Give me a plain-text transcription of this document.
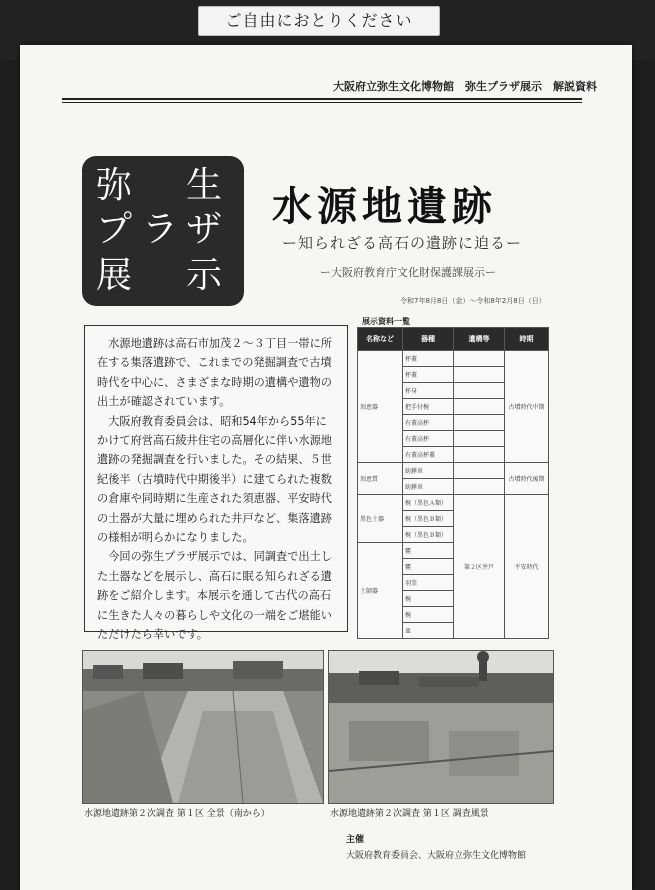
ご自由におとりください
大阪府立弥生文化博物館　弥生プラザ展示　解説資料
弥 生
プ ラ ザ
展 示
水源地遺跡
ー知られざる高石の遺跡に迫るー
ー大阪府教育庁文化財保護課展示ー
令和7年8月8日（金）〜令和8年2月8日（日）

水源地遺跡は高石市加茂２〜３丁目一帯に所在する集落遺跡で、これまでの発掘調査で古墳時代を中心に、さまざまな時期の遺構や遺物の出土が確認されています。

大阪府教育委員会は、昭和54年から55年にかけて府営高石綾井住宅の高層化に伴い水源地遺跡の発掘調査を行いました。その結果、５世紀後半（古墳時代中期後半）に建てられた複数の倉庫や同時期に生産された須恵器、平安時代の土器が大量に埋められた井戸など、集落遺跡の様相が明らかになりました。

今回の弥生プラザ展示では、同調査で出土した土器などを展示し、高石に眠る知られざる遺跡をご紹介します。本展示を通して古代の高石に生きた人々の暮らしや文化の一端をご堪能いただけたら幸いです。

展示資料一覧
名称など	器種	遺構等	時期
須恵器	杯蓋		古墳時代中期
	杯蓋		
	杯身		
	把手付椀		
	有蓋高杯		
	有蓋高杯		
	有蓋高杯蓋		
須恵質	紡錘車		古墳時代後期
	紡錘車		
黒色土器	椀（黒色Ａ類）	第２区井戸	平安時代
	椀（黒色Ｂ類）		
	椀（黒色Ｂ類）		
土師器	甕		
	甕		
	羽釜		
	椀		
	椀		
	皿		
水源地遺跡第２次調査 第１区 全景（南から）	水源地遺跡第２次調査 第１区 調査風景
主催
大阪府教育委員会、大阪府立弥生文化博物館
